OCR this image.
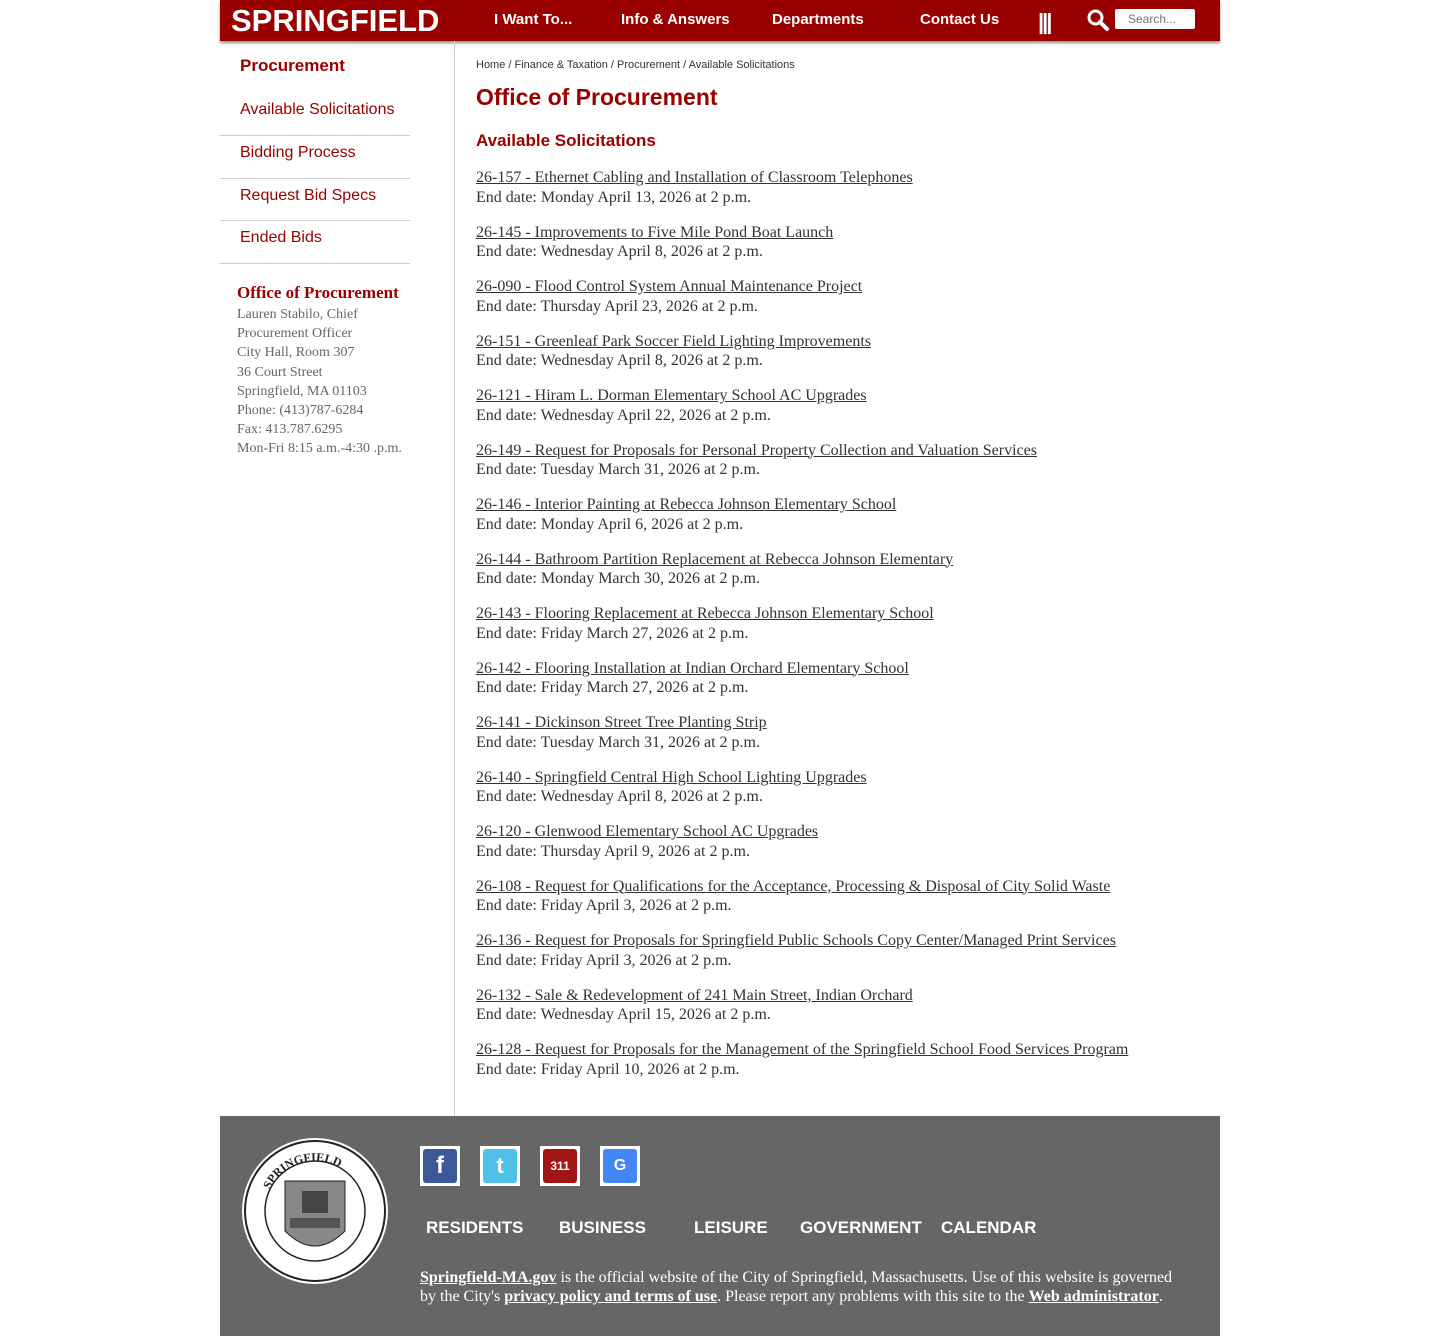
SPRINGFIELD	I Want To...	Info & Answers	Departments	Contact Us |||
Search...
Procurement
Available Solicitations
Bidding Process
Request Bid Specs
Ended Bids
Office of Procurement
Lauren Stabilo, Chief
Procurement Officer
City Hall, Room 307
36 Court Street
Springfield, MA 01103
Phone: (413)787-6284
Fax: 413.787.6295
Mon-Fri 8:15 a.m.-4:30 .p.m.
Home / Finance & Taxation / Procurement / Available Solicitations
Office of Procurement
Available Solicitations
26-157 - Ethernet Cabling and Installation of Classroom Telephones
End date: Monday April 13, 2026 at 2 p.m.
26-145 - Improvements to Five Mile Pond Boat Launch
End date: Wednesday April 8, 2026 at 2 p.m.
26-090 - Flood Control System Annual Maintenance Project
End date: Thursday April 23, 2026 at 2 p.m.
26-151 - Greenleaf Park Soccer Field Lighting Improvements
End date: Wednesday April 8, 2026 at 2 p.m.
26-121 - Hiram L. Dorman Elementary School AC Upgrades
End date: Wednesday April 22, 2026 at 2 p.m.
26-149 - Request for Proposals for Personal Property Collection and Valuation Services
End date: Tuesday March 31, 2026 at 2 p.m.
26-146 - Interior Painting at Rebecca Johnson Elementary School
End date: Monday April 6, 2026 at 2 p.m.
26-144 - Bathroom Partition Replacement at Rebecca Johnson Elementary
End date: Monday March 30, 2026 at 2 p.m.
26-143 - Flooring Replacement at Rebecca Johnson Elementary School
End date: Friday March 27, 2026 at 2 p.m.
26-142 - Flooring Installation at Indian Orchard Elementary School
End date: Friday March 27, 2026 at 2 p.m.
26-141 - Dickinson Street Tree Planting Strip
End date: Tuesday March 31, 2026 at 2 p.m.
26-140 - Springfield Central High School Lighting Upgrades
End date: Wednesday April 8, 2026 at 2 p.m.
26-120 - Glenwood Elementary School AC Upgrades
End date: Thursday April 9, 2026 at 2 p.m.
26-108 - Request for Qualifications for the Acceptance, Processing & Disposal of City Solid Waste
End date: Friday April 3, 2026 at 2 p.m.
26-136 - Request for Proposals for Springfield Public Schools Copy Center/Managed Print Services
End date: Friday April 3, 2026 at 2 p.m.
26-132 - Sale & Redevelopment of 241 Main Street, Indian Orchard
End date: Wednesday April 15, 2026 at 2 p.m.
26-128 - Request for Proposals for the Management of the Springfield School Food Services Program
End date: Friday April 10, 2026 at 2 p.m.
SPRINGFIELD	f	t	311	G
RESIDENTS BUSINESS	LEISURE GOVERNMENT CALENDAR
Springfield-MA.gov is the official website of the City of Springfield, Massachusetts. Use of this website is governed by the City's privacy policy and terms of use. Please report any problems with this site to the Web administrator.
